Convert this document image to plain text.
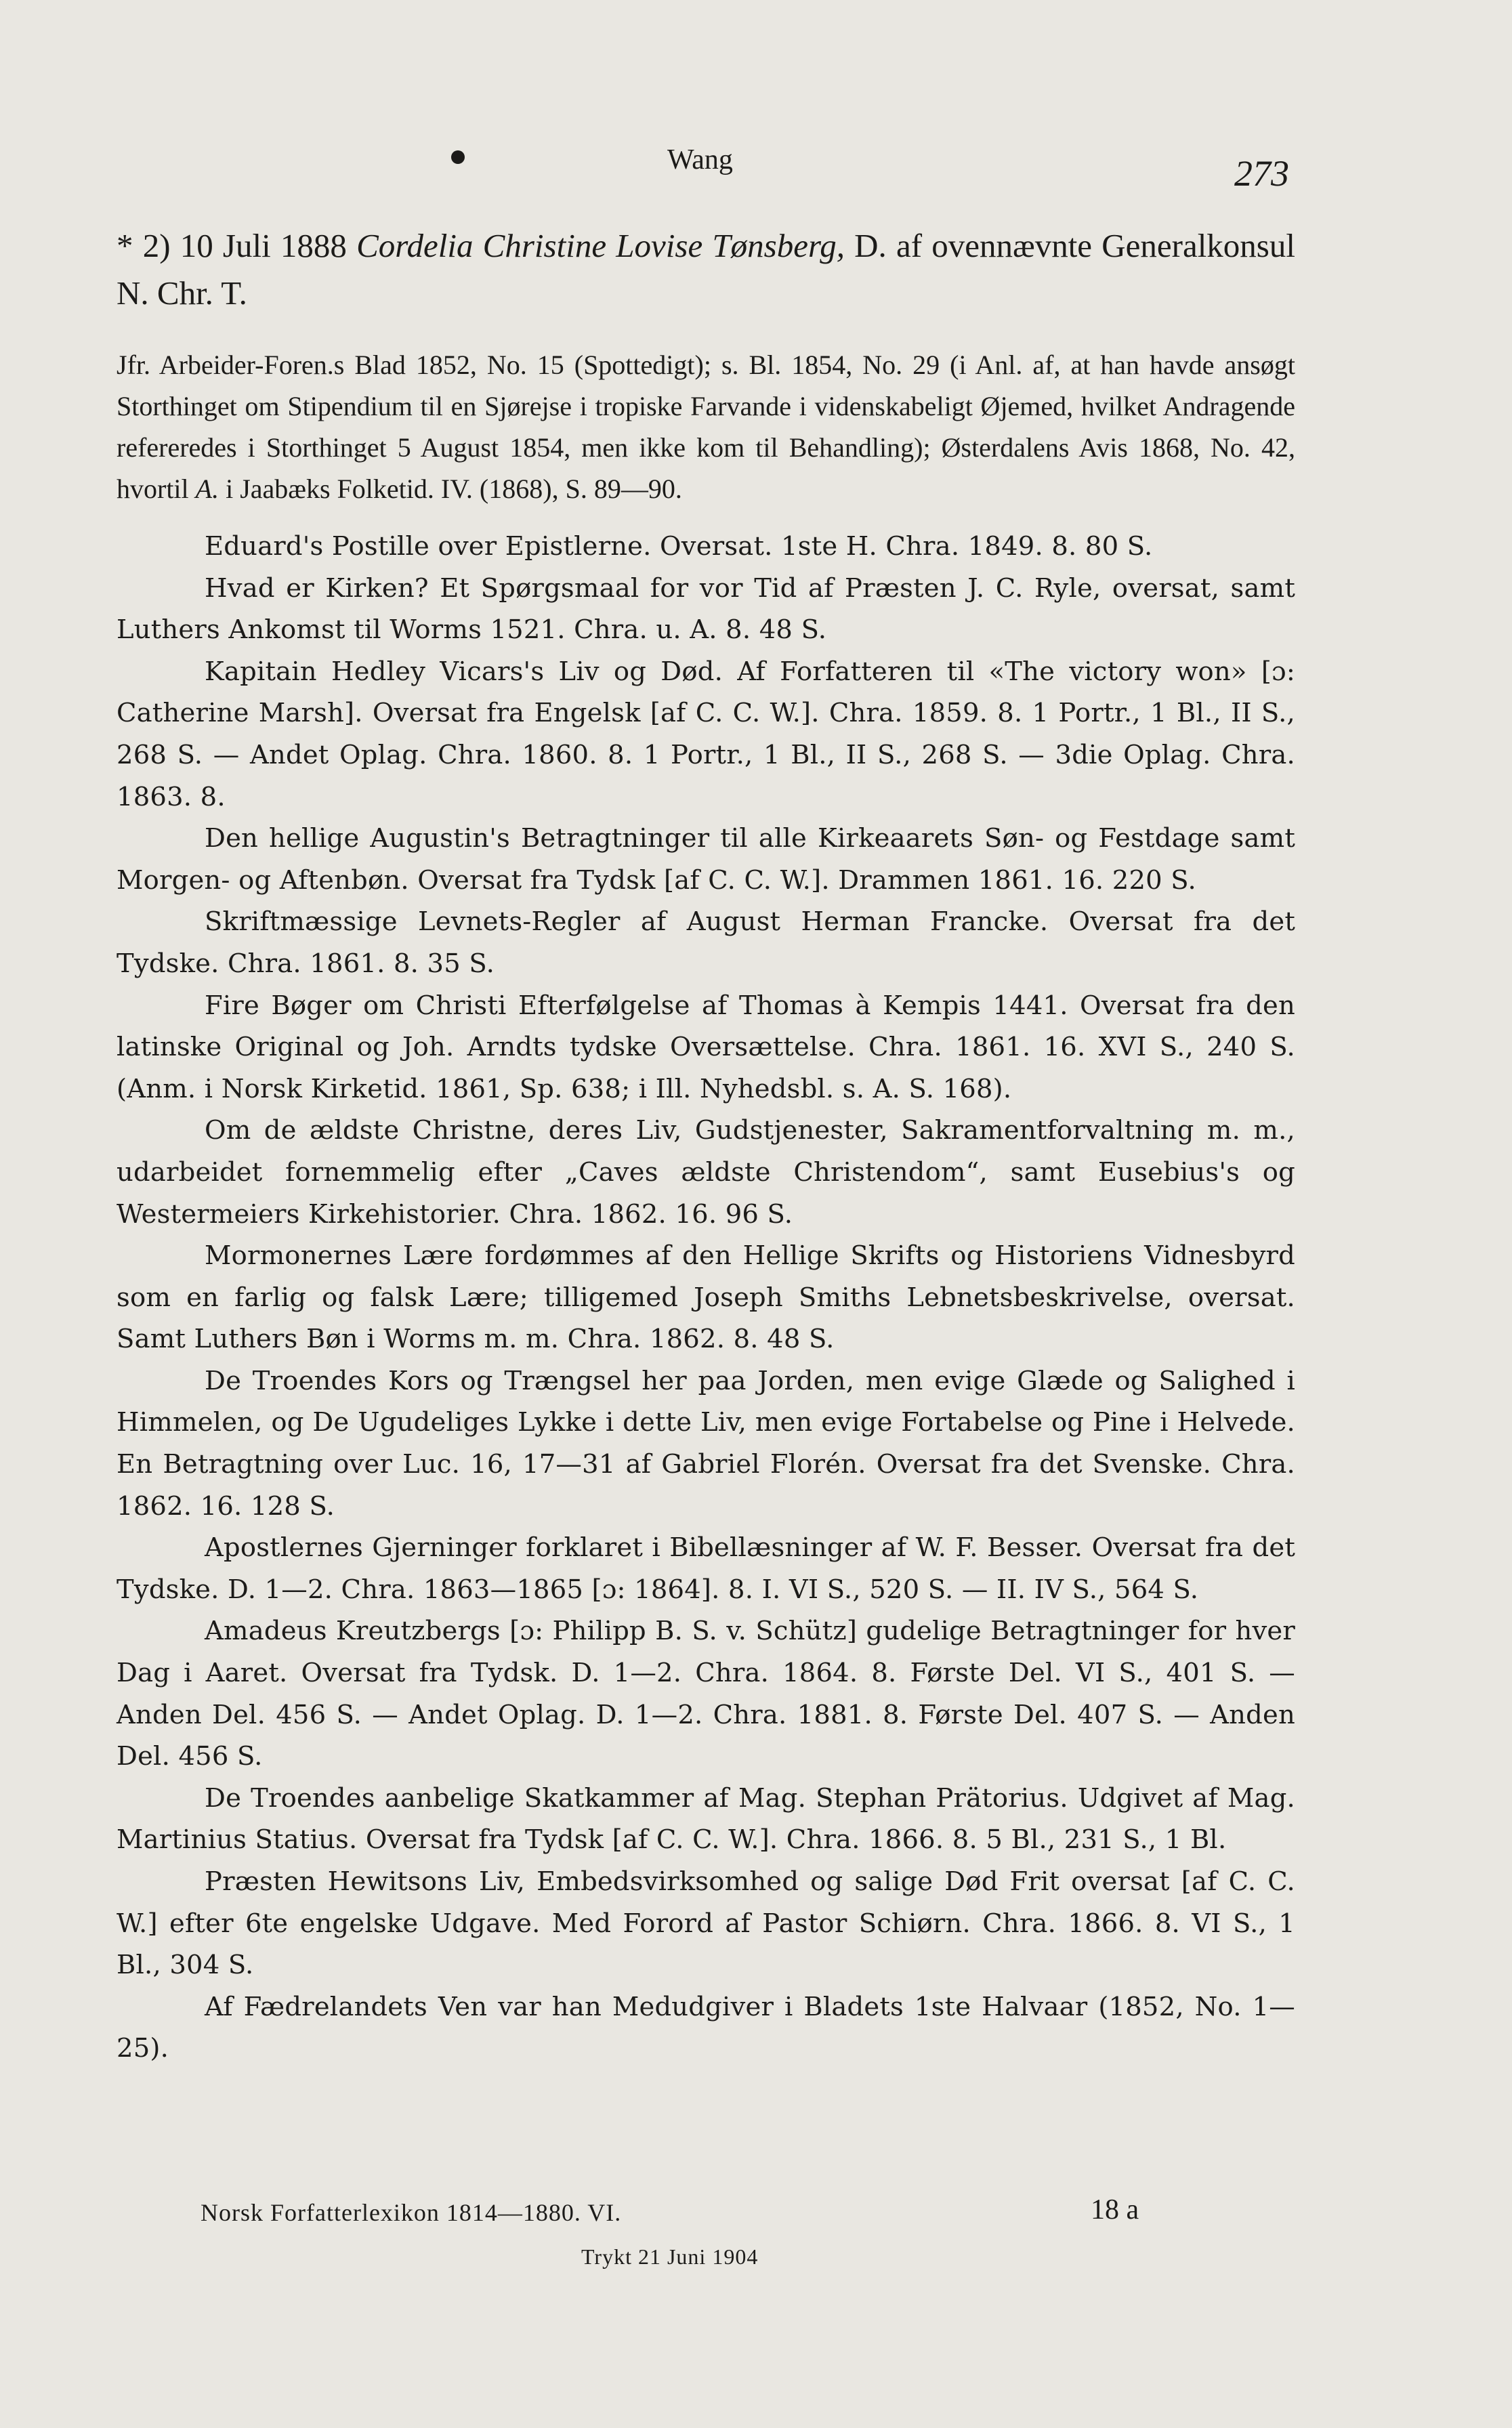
Wang	273

* 2) 10 Juli 1888 Cordelia Christine Lovise Tønsberg, D. af ovennævnte Generalkonsul N. Chr. T.

Jfr. Arbeider-Foren.s Blad 1852, No. 15 (Spottedigt); s. Bl. 1854, No. 29 (i Anl. af, at han havde ansøgt Storthinget om Stipendium til en Sjørejse i tropiske Farvande i videnskabeligt Øjemed, hvilket Andragende refereredes i Storthinget 5 August 1854, men ikke kom til Behandling); Østerdalens Avis 1868, No. 42, hvortil A. i Jaabæks Folketid. IV. (1868), S. 89—90.

Eduard's Postille over Epistlerne. Oversat. 1ste H. Chra. 1849. 8. 80 S.

Hvad er Kirken? Et Spørgsmaal for vor Tid af Præsten J. C. Ryle, oversat, samt Luthers Ankomst til Worms 1521. Chra. u. A. 8. 48 S.

Kapitain Hedley Vicars's Liv og Død. Af Forfatteren til «The victory won» [ɔ: Catherine Marsh]. Oversat fra Engelsk [af C. C. W.]. Chra. 1859. 8. 1 Portr., 1 Bl., II S., 268 S. — Andet Oplag. Chra. 1860. 8. 1 Portr., 1 Bl., II S., 268 S. — 3die Oplag. Chra. 1863. 8.

Den hellige Augustin's Betragtninger til alle Kirkeaarets Søn- og Festdage samt Morgen- og Aftenbøn. Oversat fra Tydsk [af C. C. W.]. Drammen 1861. 16. 220 S.

Skriftmæssige Levnets-Regler af August Herman Francke. Oversat fra det Tydske. Chra. 1861. 8. 35 S.

Fire Bøger om Christi Efterfølgelse af Thomas à Kempis 1441. Oversat fra den latinske Original og Joh. Arndts tydske Oversættelse. Chra. 1861. 16. XVI S., 240 S. (Anm. i Norsk Kirketid. 1861, Sp. 638; i Ill. Nyhedsbl. s. A. S. 168).

Om de ældste Christne, deres Liv, Gudstjenester, Sakramentforvaltning m. m., udarbeidet fornemmelig efter „Caves ældste Christendom“, samt Eusebius's og Westermeiers Kirkehistorier. Chra. 1862. 16. 96 S.

Mormonernes Lære fordømmes af den Hellige Skrifts og Historiens Vidnesbyrd som en farlig og falsk Lære; tilligemed Joseph Smiths Lebnetsbeskrivelse, oversat. Samt Luthers Bøn i Worms m. m. Chra. 1862. 8. 48 S.

De Troendes Kors og Trængsel her paa Jorden, men evige Glæde og Salighed i Himmelen, og De Ugudeliges Lykke i dette Liv, men evige Fortabelse og Pine i Helvede. En Betragtning over Luc. 16, 17—31 af Gabriel Florén. Oversat fra det Svenske. Chra. 1862. 16. 128 S.

Apostlernes Gjerninger forklaret i Bibellæsninger af W. F. Besser. Oversat fra det Tydske. D. 1—2. Chra. 1863—1865 [ɔ: 1864]. 8. I. VI S., 520 S. — II. IV S., 564 S.

Amadeus Kreutzbergs [ɔ: Philipp B. S. v. Schütz] gudelige Betragtninger for hver Dag i Aaret. Oversat fra Tydsk. D. 1—2. Chra. 1864. 8. Første Del. VI S., 401 S. — Anden Del. 456 S. — Andet Oplag. D. 1—2. Chra. 1881. 8. Første Del. 407 S. — Anden Del. 456 S.

De Troendes aanbelige Skatkammer af Mag. Stephan Prätorius. Udgivet af Mag. Martinius Statius. Oversat fra Tydsk [af C. C. W.]. Chra. 1866. 8. 5 Bl., 231 S., 1 Bl.

Præsten Hewitsons Liv, Embedsvirksomhed og salige Død Frit oversat [af C. C. W.] efter 6te engelske Udgave. Med Forord af Pastor Schiørn. Chra. 1866. 8. VI S., 1 Bl., 304 S.

Af Fædrelandets Ven var han Medudgiver i Bladets 1ste Halvaar (1852, No. 1—25).

Norsk Forfatterlexikon 1814—1880. VI.	18 a
Trykt 21 Juni 1904
